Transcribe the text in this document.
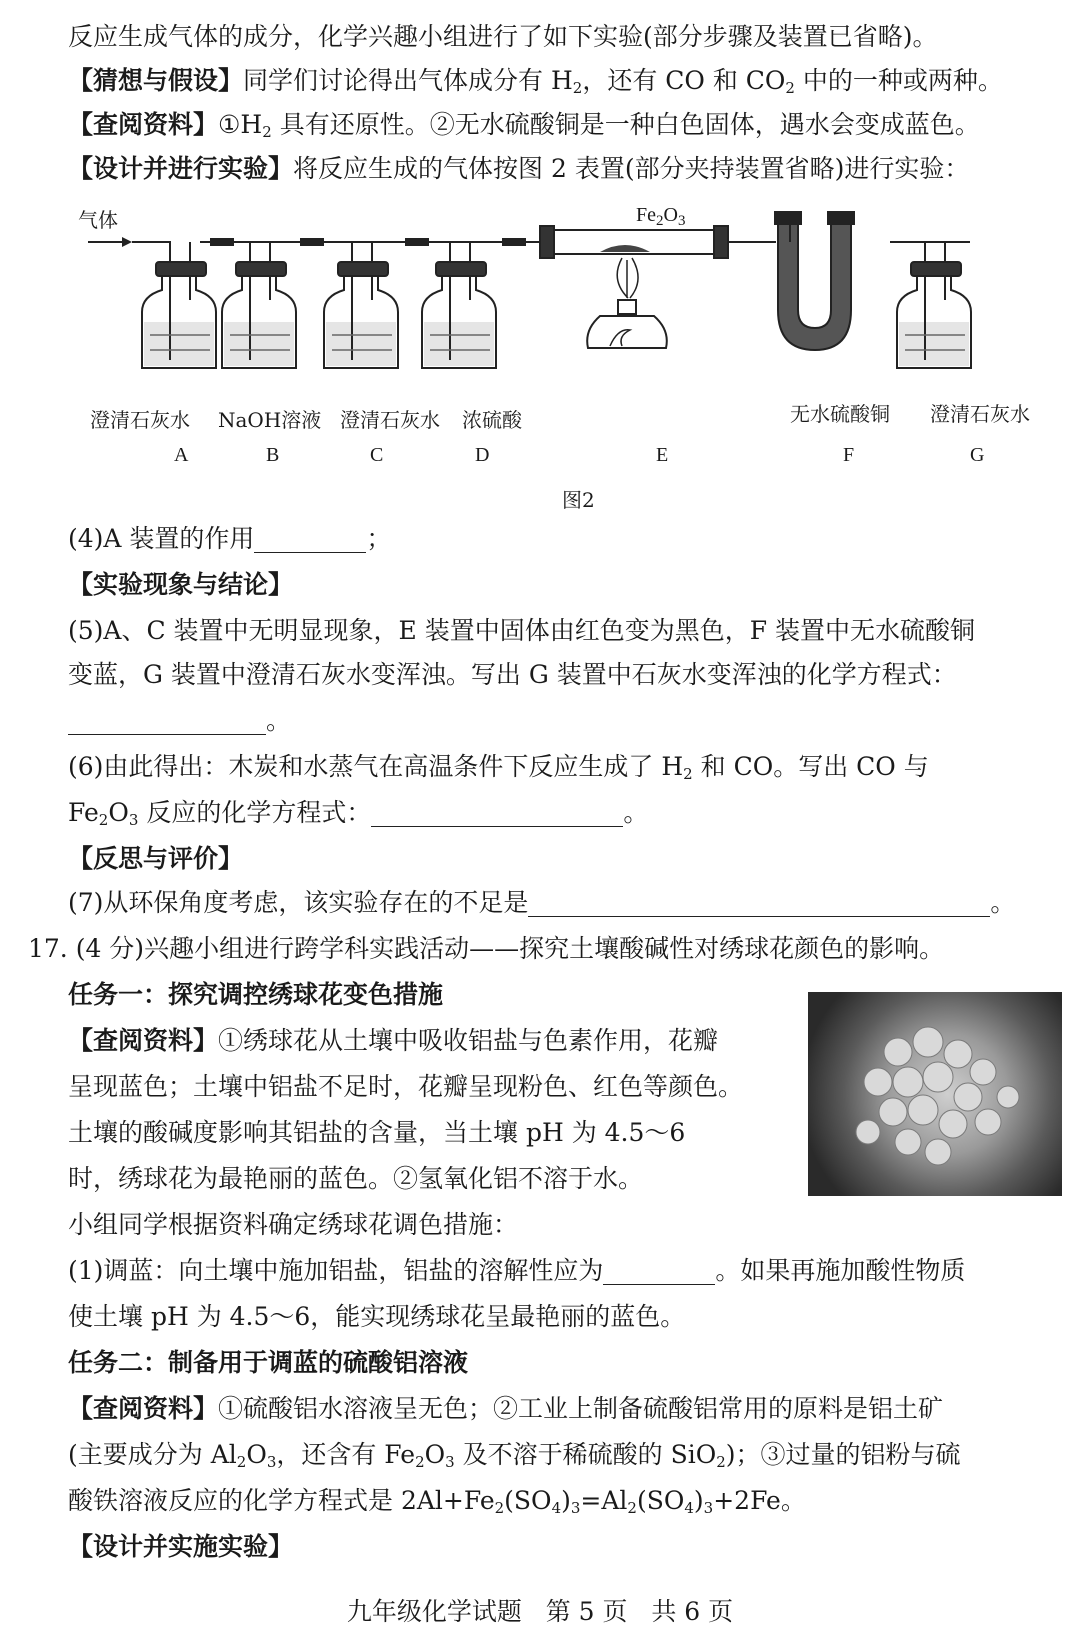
反应生成气体的成分，化学兴趣小组进行了如下实验(部分步骤及装置已省略)。
【猜想与假设】同学们讨论得出气体成分有 $H_2$，还有 CO 和 $CO_2$ 中的一种或两种。
【查阅资料】$①H_2$ 具有还原性。②无水硫酸铜是一种白色固体，遇水会变成蓝色。
【设计并进行实验】将反应生成的气体按图 2 表置(部分夹持装置省略)进行实验：
气体	$Fe_2O_3$
澄清石灰水 NaOH溶液 澄清石灰水 浓硫酸	无水硫酸铜 澄清石灰水
A	B	C	D	E	F	G
图2
(4)A 装置的作用	；
【实验现象与结论】
(5)A、C 装置中无明显现象，E 装置中固体由红色变为黑色，F 装置中无水硫酸铜
变蓝，G 装置中澄清石灰水变浑浊。写出 G 装置中石灰水变浑浊的化学方程式：
。
(6)由此得出：木炭和水蒸气在高温条件下反应生成了 $H_2$ 和 CO。写出 CO 与
$Fe_2O_3$ 反应的化学方程式：	。
【反思与评价】
(7)从环保角度考虑，该实验存在的不足是	。
17. (4 分)兴趣小组进行跨学科实践活动——探究土壤酸碱性对绣球花颜色的影响。
任务一：探究调控绣球花变色措施
【查阅资料】①绣球花从土壤中吸收铝盐与色素作用，花瓣
呈现蓝色；土壤中铝盐不足时，花瓣呈现粉色、红色等颜色。
土壤的酸碱度影响其铝盐的含量，当土壤 pH 为 4.5～6
时，绣球花为最艳丽的蓝色。②氢氧化铝不溶于水。
小组同学根据资料确定绣球花调色措施：
(1)调蓝：向土壤中施加铝盐，铝盐的溶解性应为	。如果再施加酸性物质
使土壤 pH 为 4.5～6，能实现绣球花呈最艳丽的蓝色。
任务二：制备用于调蓝的硫酸铝溶液
【查阅资料】①硫酸铝水溶液呈无色；②工业上制备硫酸铝常用的原料是铝土矿
(主要成分为 $Al_2O_3$，还含有 $Fe_2O_3$ 及不溶于稀硫酸的 SiO$_2$)；③过量的铝粉与硫
酸铁溶液反应的化学方程式是 $2Al+Fe_2(SO_4)_3=Al_2(SO_4)_3+2Fe$。
【设计并实施实验】
九年级化学试题 第 5 页 共 6 页
